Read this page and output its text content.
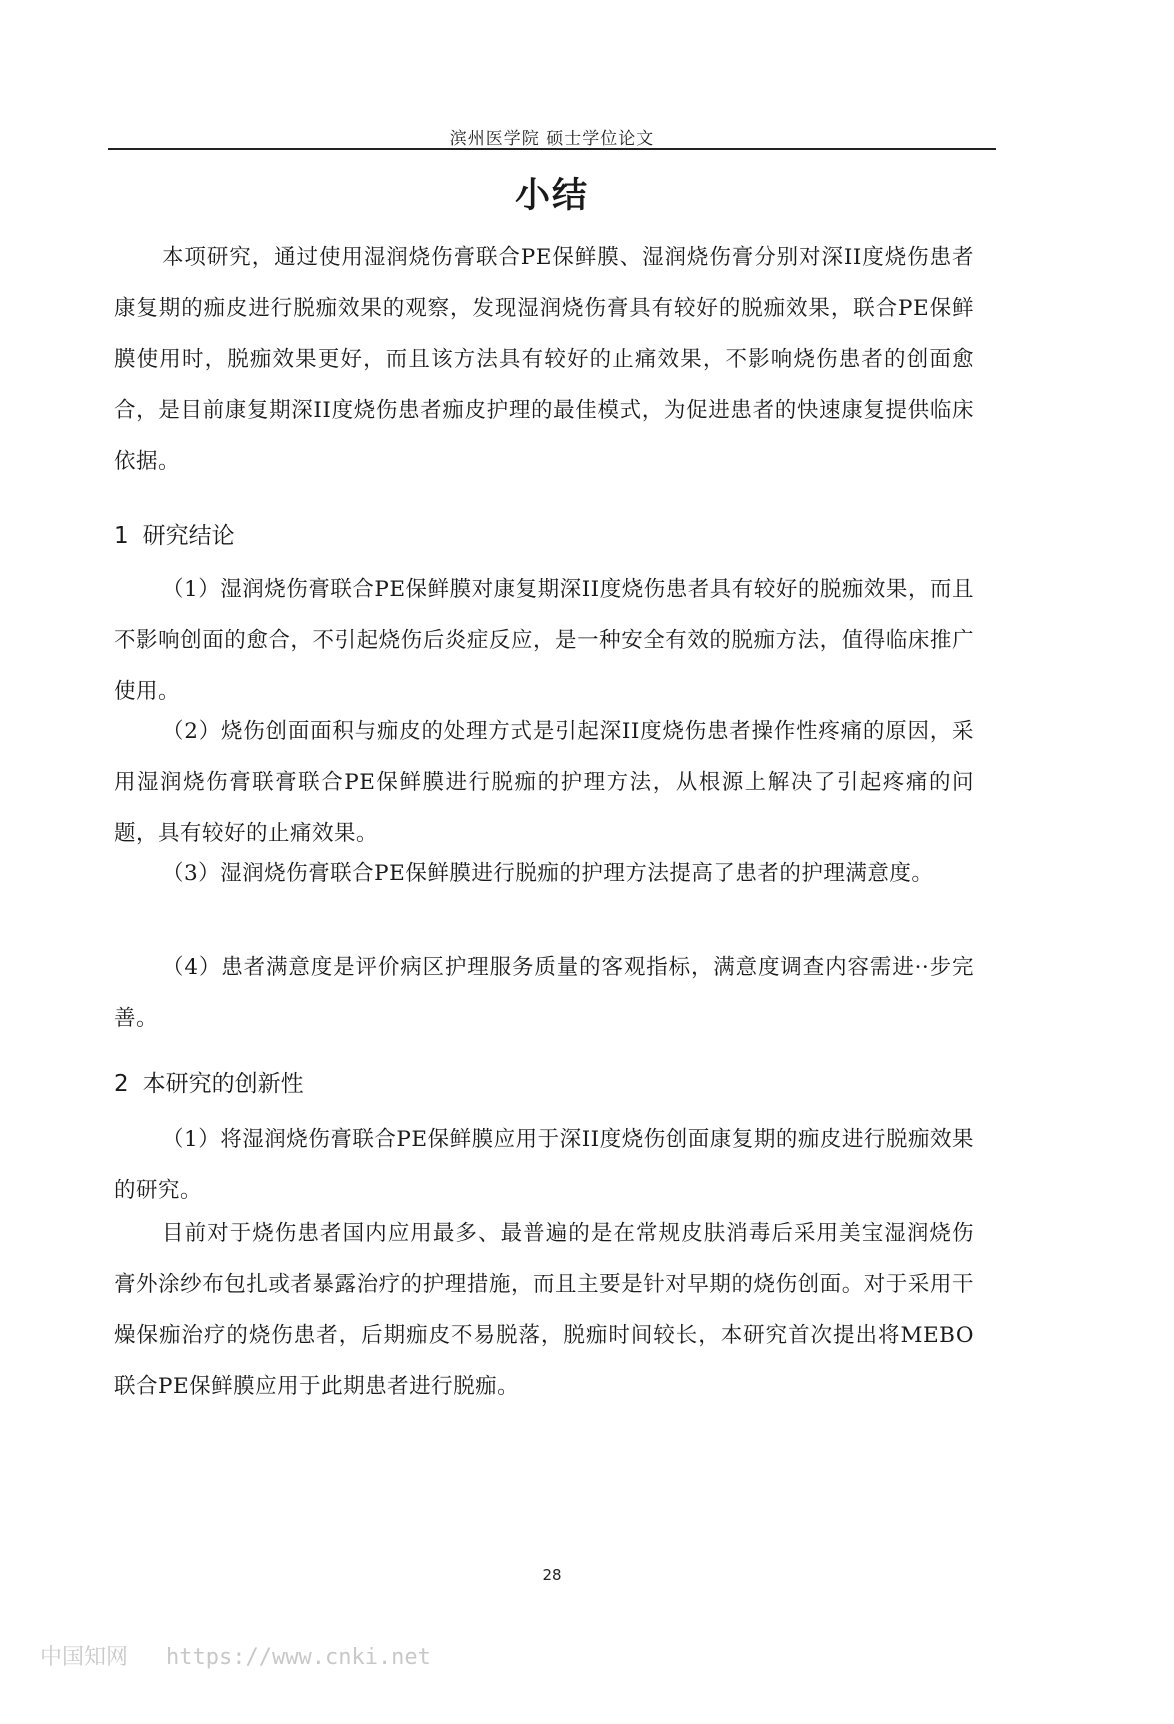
滨州医学院 硕士学位论文
小结

本项研究，通过使用湿润烧伤膏联合PE保鲜膜、湿润烧伤膏分别对深II度烧伤患者康复期的痂皮进行脱痂效果的观察，发现湿润烧伤膏具有较好的脱痂效果，联合PE保鲜膜使用时，脱痂效果更好，而且该方法具有较好的止痛效果，不影响烧伤患者的创面愈合，是目前康复期深II度烧伤患者痂皮护理的最佳模式，为促进患者的快速康复提供临床依据。

1 研究结论

（1）湿润烧伤膏联合PE保鲜膜对康复期深II度烧伤患者具有较好的脱痂效果，而且不影响创面的愈合，不引起烧伤后炎症反应，是一种安全有效的脱痂方法，值得临床推广使用。

（2）烧伤创面面积与痂皮的处理方式是引起深II度烧伤患者操作性疼痛的原因，采用湿润烧伤膏联膏联合PE保鲜膜进行脱痂的护理方法，从根源上解决了引起疼痛的问题，具有较好的止痛效果。

（3）湿润烧伤膏联合PE保鲜膜进行脱痂的护理方法提高了患者的护理满意度。

（4）患者满意度是评价病区护理服务质量的客观指标，满意度调查内容需进··步完善。

2 本研究的创新性

（1）将湿润烧伤膏联合PE保鲜膜应用于深II度烧伤创面康复期的痂皮进行脱痂效果的研究。

目前对于烧伤患者国内应用最多、最普遍的是在常规皮肤消毒后采用美宝湿润烧伤膏外涂纱布包扎或者暴露治疗的护理措施，而且主要是针对早期的烧伤创面。对于采用干燥保痂治疗的烧伤患者，后期痂皮不易脱落，脱痂时间较长，本研究首次提出将MEBO联合PE保鲜膜应用于此期患者进行脱痂。

28
中国知网 https://www.cnki.net
